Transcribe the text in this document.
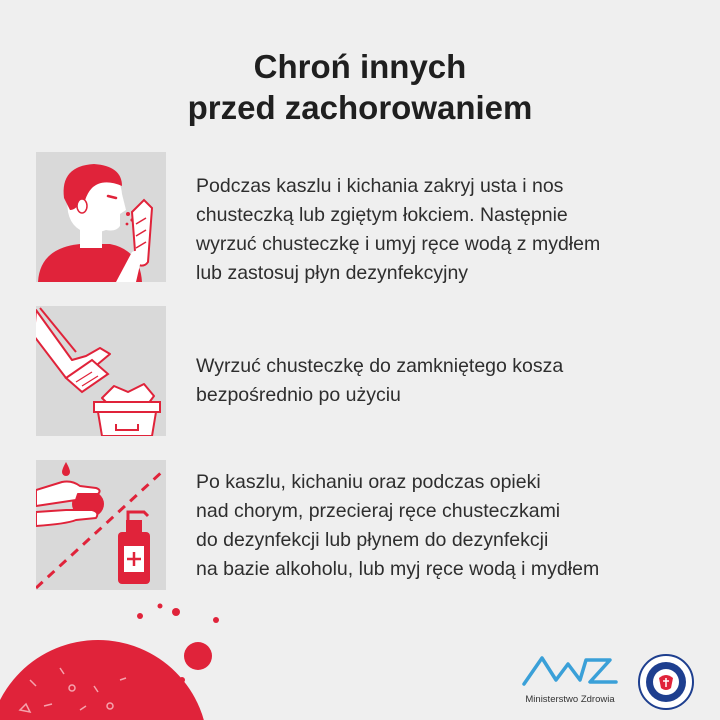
Chroń innych
przed zachorowaniem
Podczas kaszlu i kichania zakryj usta i nos
chusteczką lub zgiętym łokciem. Następnie
wyrzuć chusteczkę i umyj ręce wodą z mydłem
lub zastosuj płyn dezynfekcyjny
Wyrzuć chusteczkę do zamkniętego kosza
bezpośrednio po użyciu
Po kaszlu, kichaniu oraz podczas opieki
nad chorym, przecieraj ręce chusteczkami
do dezynfekcji lub płynem do dezynfekcji
na bazie alkoholu, lub myj ręce wodą i mydłem
Ministerstwo Zdrowia
